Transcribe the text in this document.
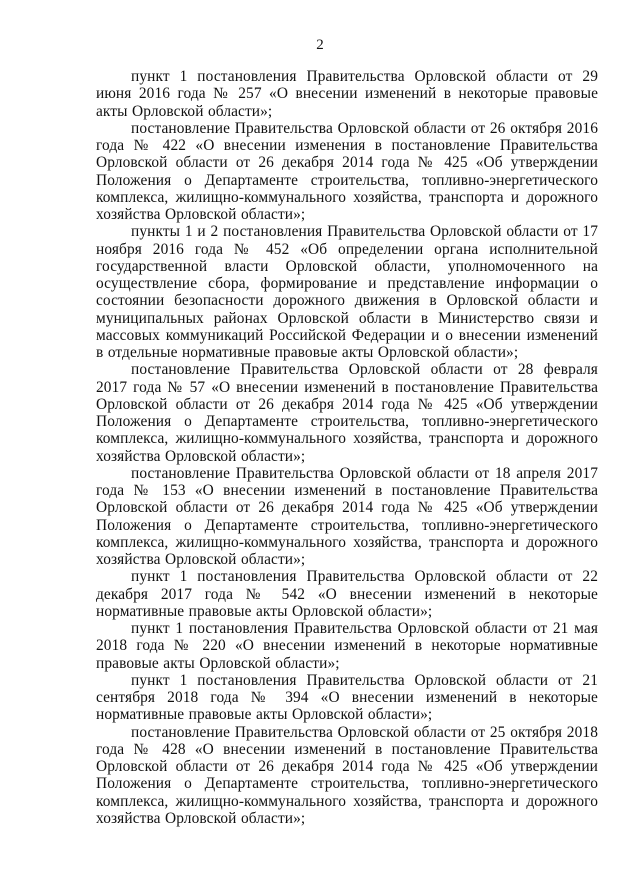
2

пункт 1 постановления Правительства Орловской области от 29 июня 2016 года № 257 «О внесении изменений в некоторые правовые акты Орловской области»;

постановление Правительства Орловской области от 26 октября 2016 года № 422 «О внесении изменения в постановление Правительства Орловской области от 26 декабря 2014 года № 425 «Об утверждении Положения о Департаменте строительства, топливно-энергетического комплекса, жилищно-коммунального хозяйства, транспорта и дорожного хозяйства Орловской области»;

пункты 1 и 2 постановления Правительства Орловской области от 17 ноября 2016 года № 452 «Об определении органа исполнительной государственной власти Орловской области, уполномоченного на осуществление сбора, формирование и представление информации о состоянии безопасности дорожного движения в Орловской области и муниципальных районах Орловской области в Министерство связи и массовых коммуникаций Российской Федерации и о внесении изменений в отдельные нормативные правовые акты Орловской области»;

постановление Правительства Орловской области от 28 февраля 2017 года № 57 «О внесении изменений в постановление Правительства Орловской области от 26 декабря 2014 года № 425 «Об утверждении Положения о Департаменте строительства, топливно-энергетического комплекса, жилищно-коммунального хозяйства, транспорта и дорожного хозяйства Орловской области»;

постановление Правительства Орловской области от 18 апреля 2017 года № 153 «О внесении изменений в постановление Правительства Орловской области от 26 декабря 2014 года № 425 «Об утверждении Положения о Департаменте строительства, топливно-энергетического комплекса, жилищно-коммунального хозяйства, транспорта и дорожного хозяйства Орловской области»;

пункт 1 постановления Правительства Орловской области от 22 декабря 2017 года № 542 «О внесении изменений в некоторые нормативные правовые акты Орловской области»;

пункт 1 постановления Правительства Орловской области от 21 мая 2018 года № 220 «О внесении изменений в некоторые нормативные правовые акты Орловской области»;

пункт 1 постановления Правительства Орловской области от 21 сентября 2018 года № 394 «О внесении изменений в некоторые нормативные правовые акты Орловской области»;

постановление Правительства Орловской области от 25 октября 2018 года № 428 «О внесении изменений в постановление Правительства Орловской области от 26 декабря 2014 года № 425 «Об утверждении Положения о Департаменте строительства, топливно-энергетического комплекса, жилищно-коммунального хозяйства, транспорта и дорожного хозяйства Орловской области»;
